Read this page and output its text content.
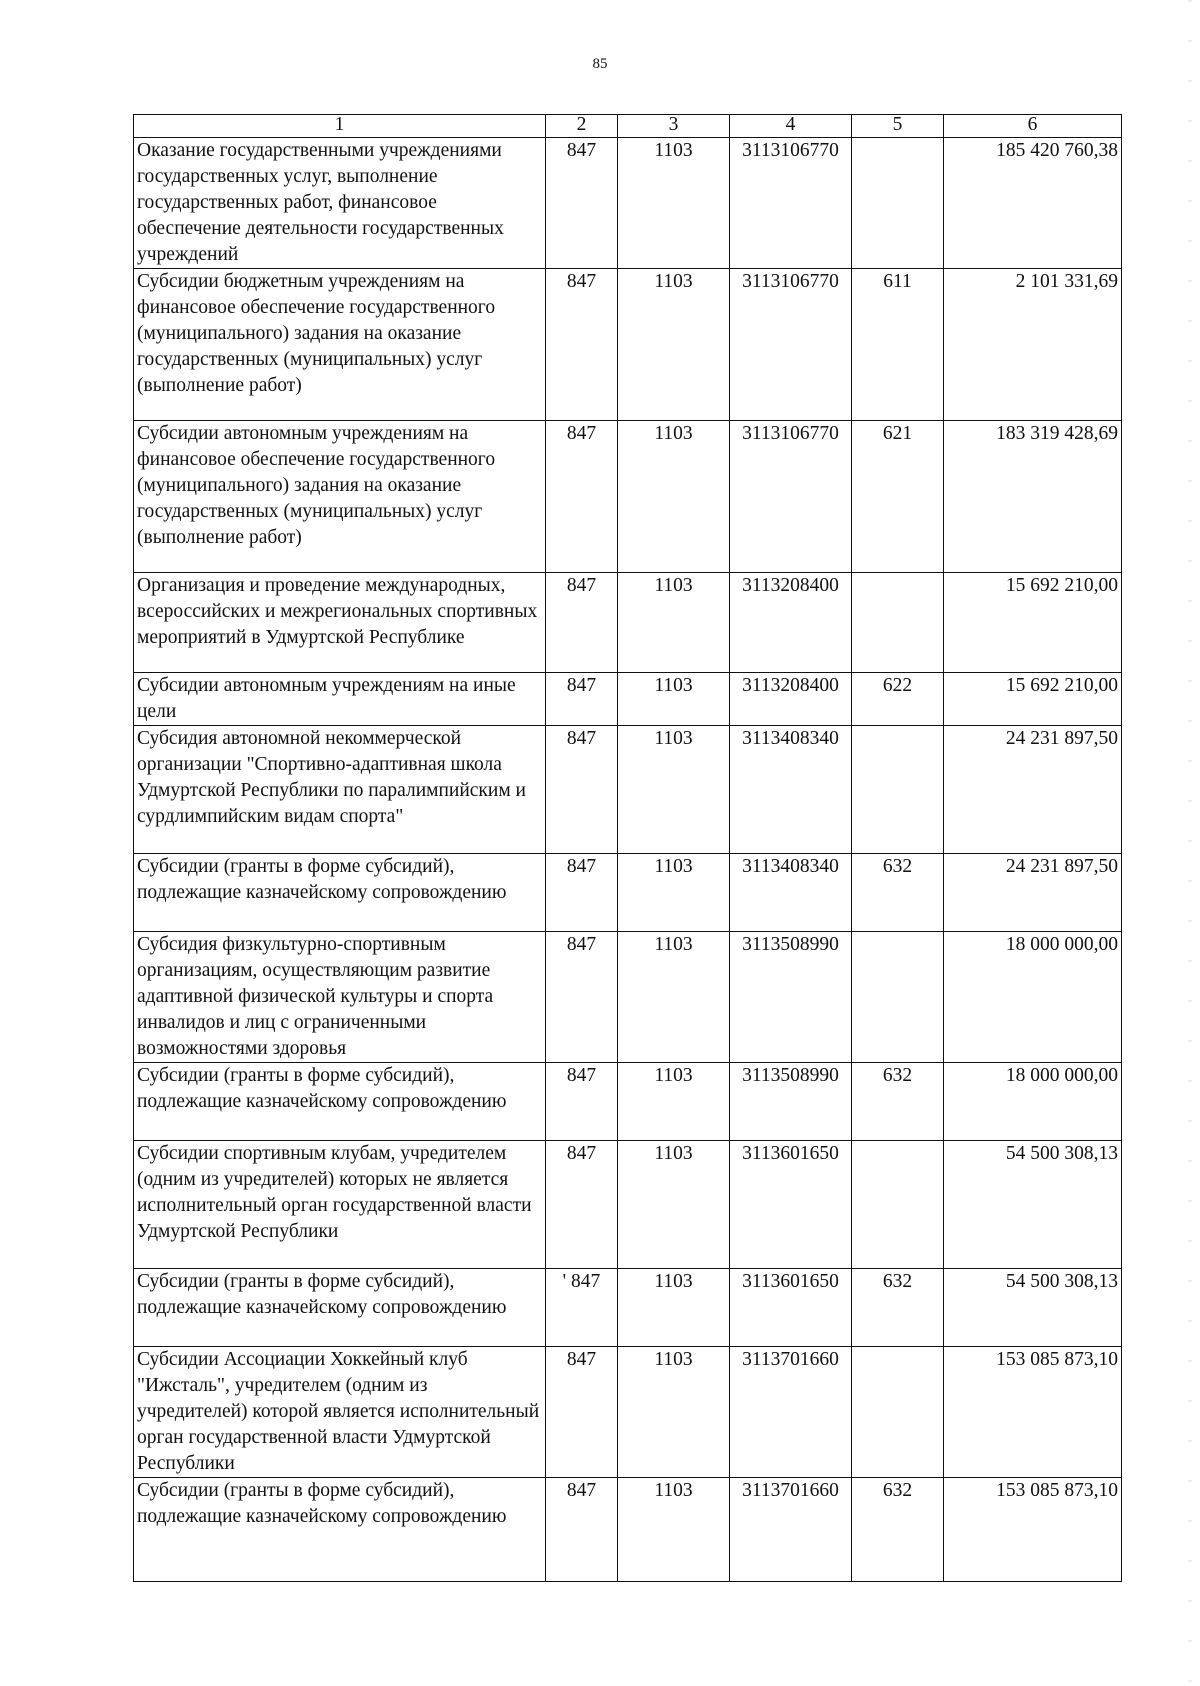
85
1	2	3	4	5	6
Оказание государственными учреждениями государственных услуг, выполнение государственных работ, финансовое обеспечение деятельности государственных учреждений	847	1103	3113106770		185 420 760,38
Субсидии бюджетным учреждениям на финансовое обеспечение государственного (муниципального) задания на оказание государственных (муниципальных) услуг (выполнение работ)	847	1103	3113106770	611	2 101 331,69
Субсидии автономным учреждениям на финансовое обеспечение государственного (муниципального) задания на оказание государственных (муниципальных) услуг (выполнение работ)	847	1103	3113106770	621	183 319 428,69
Организация и проведение международных, всероссийских и межрегиональных спортивных мероприятий в Удмуртской Республике	847	1103	3113208400		15 692 210,00
Субсидии автономным учреждениям на иные цели	847	1103	3113208400	622	15 692 210,00
Субсидия автономной некоммерческой организации "Спортивно-адаптивная школа Удмуртской Республики по паралимпийским и сурдлимпийским видам спорта"	847	1103	3113408340		24 231 897,50
Субсидии (гранты в форме субсидий), подлежащие казначейскому сопровождению	847	1103	3113408340	632	24 231 897,50
Субсидия физкультурно-спортивным организациям, осуществляющим развитие адаптивной физической культуры и спорта инвалидов и лиц с ограниченными возможностями здоровья	847	1103	3113508990		18 000 000,00
Субсидии (гранты в форме субсидий), подлежащие казначейскому сопровождению	847	1103	3113508990	632	18 000 000,00
Субсидии спортивным клубам, учредителем (одним из учредителей) которых не является исполнительный орган государственной власти Удмуртской Республики	847	1103	3113601650		54 500 308,13
Субсидии (гранты в форме субсидий), подлежащие казначейскому сопровождению	' 847	1103	3113601650	632	54 500 308,13
Субсидии Ассоциации Хоккейный клуб "Ижсталь", учредителем (одним из учредителей) которой является исполнительный орган государственной власти Удмуртской Республики	847	1103	3113701660		153 085 873,10
Субсидии (гранты в форме субсидий), подлежащие казначейскому сопровождению	847	1103	3113701660	632	153 085 873,10
